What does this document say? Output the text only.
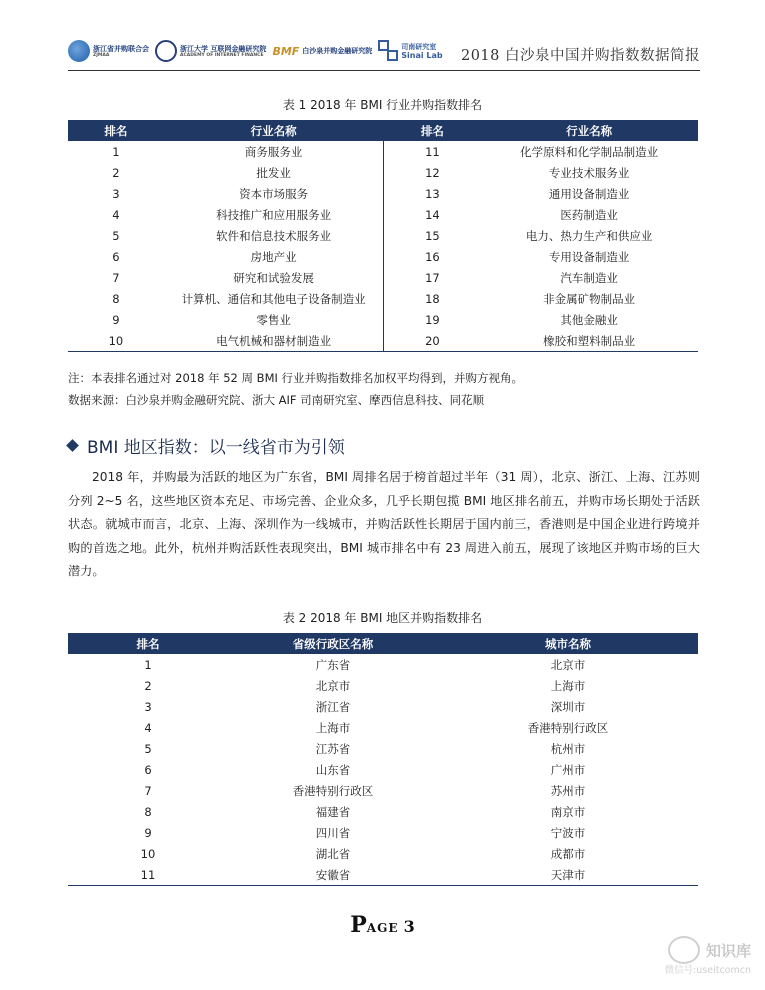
浙江省并购联合会
ZJMAA
浙江大学 互联网金融研究院
ACADEMY OF INTERNET FINANCE BMF 白沙泉并购金融研究院
司南研究室
Sinai Lab 2018 白沙泉中国并购指数数据简报
表 1 2018 年 BMI 行业并购指数排名
排名	行业名称	排名	行业名称
1	商务服务业	11	化学原料和化学制品制造业
2	批发业	12	专业技术服务业
3	资本市场服务	13	通用设备制造业
4	科技推广和应用服务业	14	医药制造业
5	软件和信息技术服务业	15	电力、热力生产和供应业
6	房地产业	16	专用设备制造业
7	研究和试验发展	17	汽车制造业
8	计算机、通信和其他电子设备制造业	18	非金属矿物制品业
9	零售业	19	其他金融业
10	电气机械和器材制造业	20	橡胶和塑料制品业
注：本表排名通过对 2018 年 52 周 BMI 行业并购指数排名加权平均得到，并购方视角。
数据来源：白沙泉并购金融研究院、浙大 AIF 司南研究室、摩西信息科技、同花顺
BMI 地区指数：以一线省市为引领
2018 年，并购最为活跃的地区为广东省，BMI 周排名居于榜首超过半年（31 周），北京、浙江、上海、江苏则分列 2~5 名，这些地区资本充足、市场完善、企业众多，几乎长期包揽 BMI 地区排名前五，并购市场长期处于活跃状态。就城市而言，北京、上海、深圳作为一线城市，并购活跃性长期居于国内前三，香港则是中国企业进行跨境并购的首选之地。此外，杭州并购活跃性表现突出，BMI 城市排名中有 23 周进入前五，展现了该地区并购市场的巨大潜力。
表 2 2018 年 BMI 地区并购指数排名
排名	省级行政区名称	城市名称
1	广东省	北京市
2	北京市	上海市
3	浙江省	深圳市
4	上海市	香港特别行政区
5	江苏省	杭州市
6	山东省	广州市
7	香港特别行政区	苏州市
8	福建省	南京市
9	四川省	宁波市
10	湖北省	成都市
11	安徽省	天津市
PAGE 3
知识库
微信号:useitcomcn
